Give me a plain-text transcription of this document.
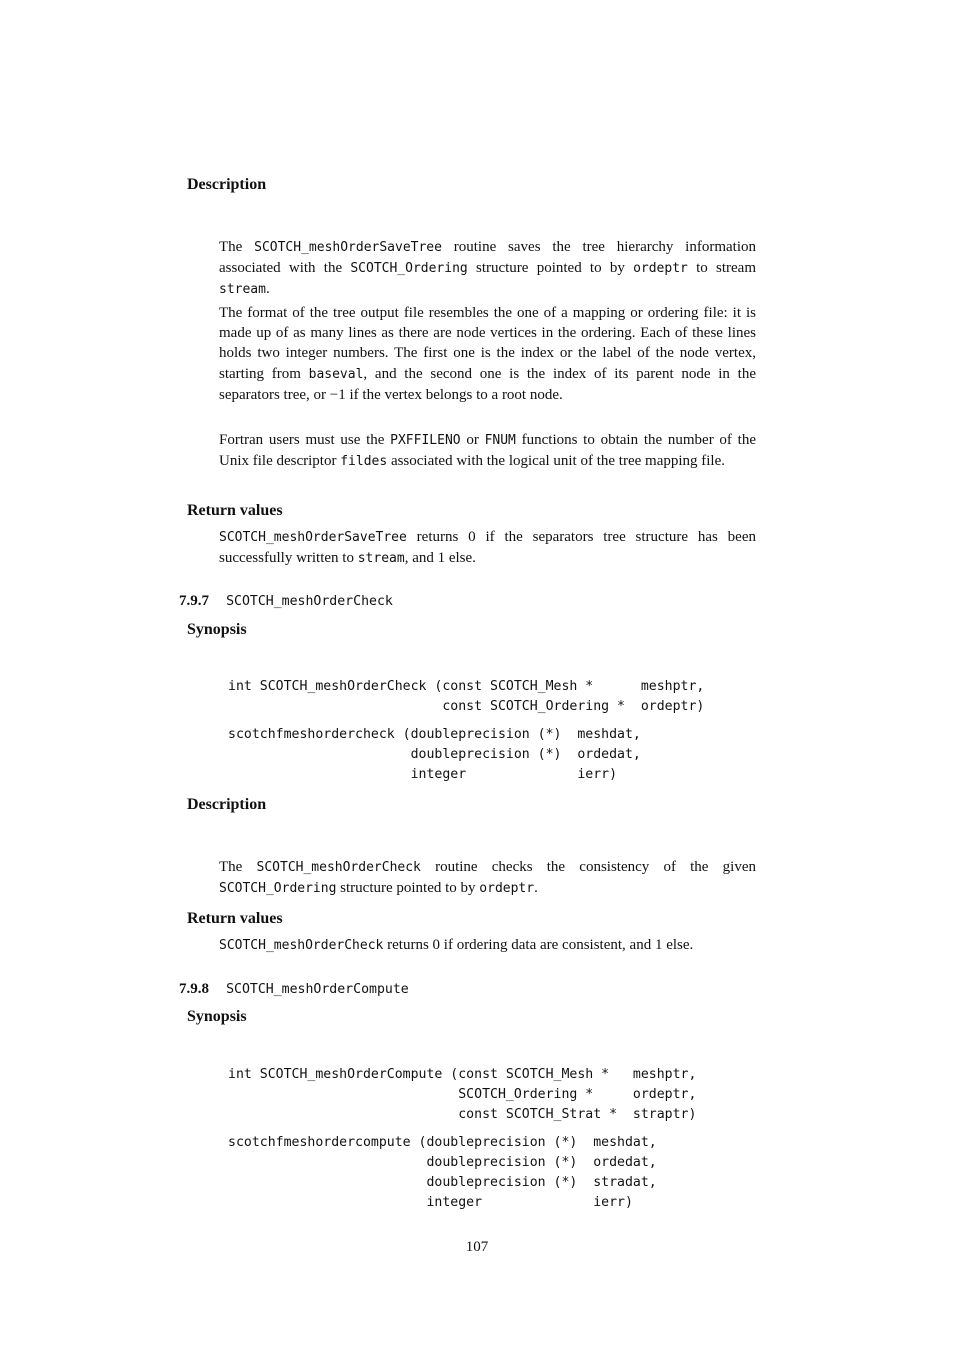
Description
The SCOTCH_meshOrderSaveTree routine saves the tree hierarchy information associated with the SCOTCH_Ordering structure pointed to by ordeptr to stream stream.
The format of the tree output file resembles the one of a mapping or ordering file: it is made up of as many lines as there are node vertices in the ordering. Each of these lines holds two integer numbers. The first one is the index or the label of the node vertex, starting from baseval, and the second one is the index of its parent node in the separators tree, or −1 if the vertex belongs to a root node.
Fortran users must use the PXFFILENO or FNUM functions to obtain the number of the Unix file descriptor fildes associated with the logical unit of the tree mapping file.
Return values
SCOTCH_meshOrderSaveTree returns 0 if the separators tree structure has been successfully written to stream, and 1 else.
7.9.7 SCOTCH_meshOrderCheck
Synopsis
int SCOTCH_meshOrderCheck (const SCOTCH_Mesh *      meshptr,
const SCOTCH_Ordering *  ordeptr)
scotchfmeshordercheck (doubleprecision (*)  meshdat,
doubleprecision (*)  ordedat,
integer              ierr)
Description
The SCOTCH_meshOrderCheck routine checks the consistency of the given SCOTCH_Ordering structure pointed to by ordeptr.
Return values
SCOTCH_meshOrderCheck returns 0 if ordering data are consistent, and 1 else.
7.9.8 SCOTCH_meshOrderCompute
Synopsis
int SCOTCH_meshOrderCompute (const SCOTCH_Mesh *   meshptr,
SCOTCH_Ordering *     ordeptr,
const SCOTCH_Strat *  straptr)
scotchfmeshordercompute (doubleprecision (*)  meshdat,
doubleprecision (*)  ordedat,
doubleprecision (*)  stradat,
integer              ierr)
107
